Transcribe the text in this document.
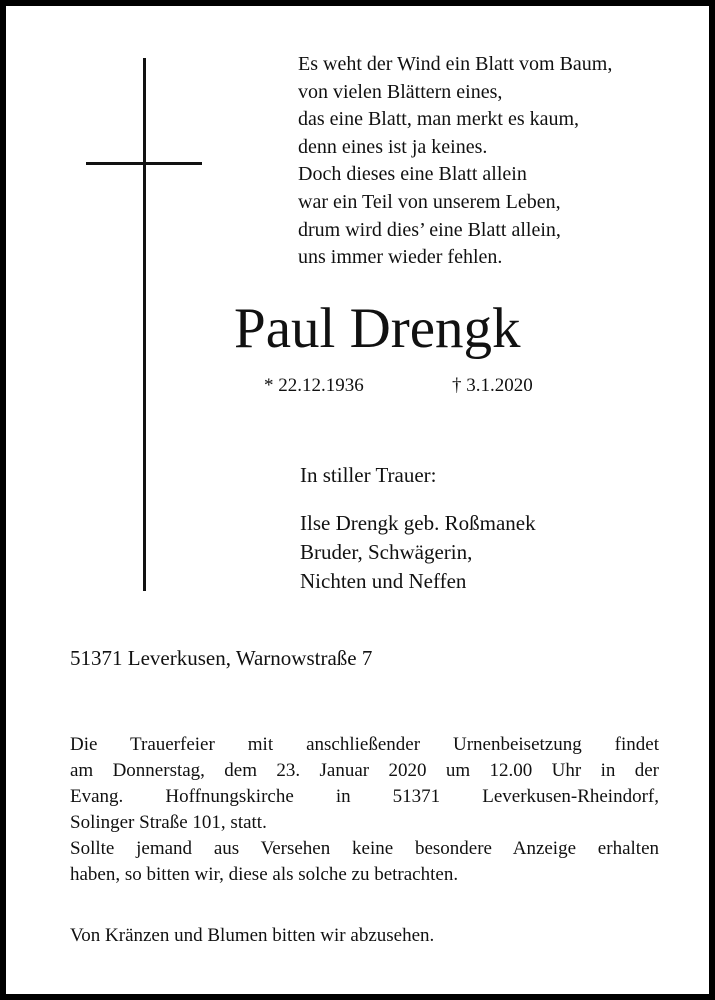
Es weht der Wind ein Blatt vom Baum,
von vielen Blättern eines,
das eine Blatt, man merkt es kaum,
denn eines ist ja keines.
Doch dieses eine Blatt allein
war ein Teil von unserem Leben,
drum wird dies’ eine Blatt allein,
uns immer wieder fehlen.
Paul Drengk
* 22.12.1936	† 3.1.2020
In stiller Trauer:
Ilse Drengk geb. Roßmanek
Bruder, Schwägerin,
Nichten und Neffen
51371 Leverkusen, Warnowstraße 7
Die Trauerfeier mit anschließender Urnenbeisetzung findet
am Donnerstag, dem 23. Januar 2020 um 12.00 Uhr in der
Evang. Hoffnungskirche in 51371 Leverkusen-Rheindorf,
Solinger Straße 101, statt.
Sollte jemand aus Versehen keine besondere Anzeige erhalten
haben, so bitten wir, diese als solche zu betrachten.
Von Kränzen und Blumen bitten wir abzusehen.
